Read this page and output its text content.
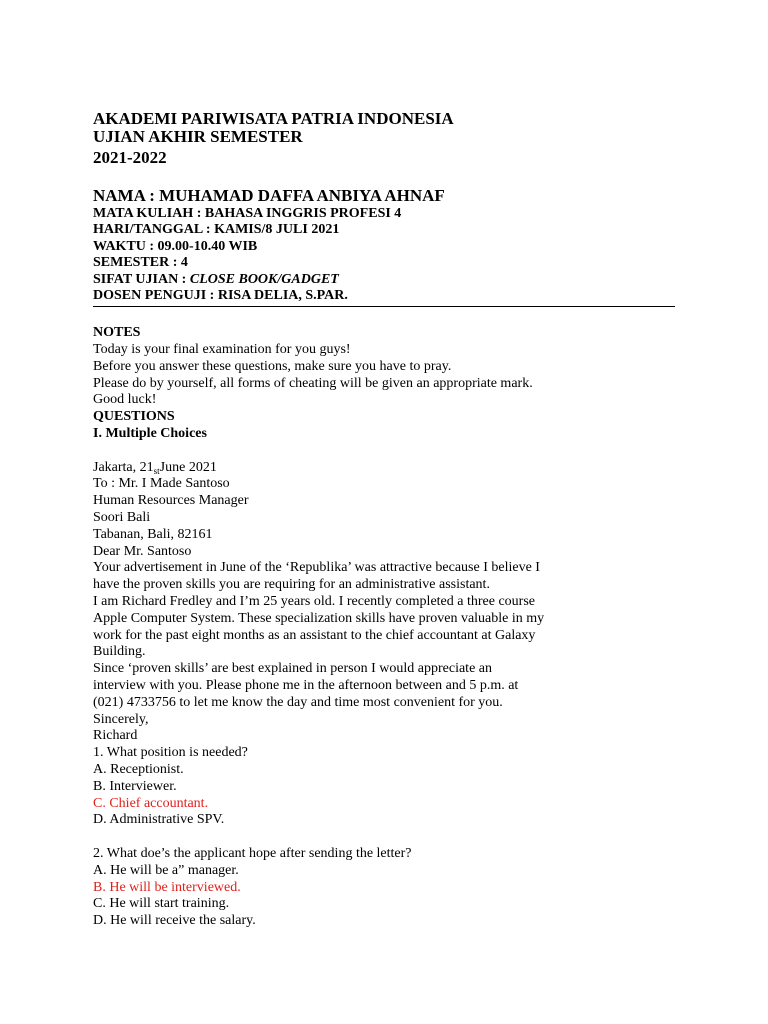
AKADEMI PARIWISATA PATRIA INDONESIA
UJIAN AKHIR SEMESTER
2021-2022
NAMA : MUHAMAD DAFFA ANBIYA AHNAF
MATA KULIAH : BAHASA INGGRIS PROFESI 4
HARI/TANGGAL : KAMIS/8 JULI 2021
WAKTU : 09.00-10.40 WIB
SEMESTER : 4
SIFAT UJIAN : CLOSE BOOK/GADGET
DOSEN PENGUJI : RISA DELIA, S.PAR.
NOTES
Today is your final examination for you guys!
Before you answer these questions, make sure you have to pray.
Please do by yourself, all forms of cheating will be given an appropriate mark.
Good luck!
QUESTIONS
I. Multiple Choices
Jakarta, 21stJune 2021
To : Mr. I Made Santoso
Human Resources Manager
Soori Bali
Tabanan, Bali, 82161
Dear Mr. Santoso
Your advertisement in June of the ‘Republika’ was attractive because I believe I
have the proven skills you are requiring for an administrative assistant.
I am Richard Fredley and I’m 25 years old. I recently completed a three course
Apple Computer System. These specialization skills have proven valuable in my
work for the past eight months as an assistant to the chief accountant at Galaxy
Building.
Since ‘proven skills’ are best explained in person I would appreciate an
interview with you. Please phone me in the afternoon between and 5 p.m. at
(021) 4733756 to let me know the day and time most convenient for you.
Sincerely,
Richard
1. What position is needed?
A. Receptionist.
B. Interviewer.
C. Chief accountant.
D. Administrative SPV.
2. What doe’s the applicant hope after sending the letter?
A. He will be a” manager.
B. He will be interviewed.
C. He will start training.
D. He will receive the salary.
